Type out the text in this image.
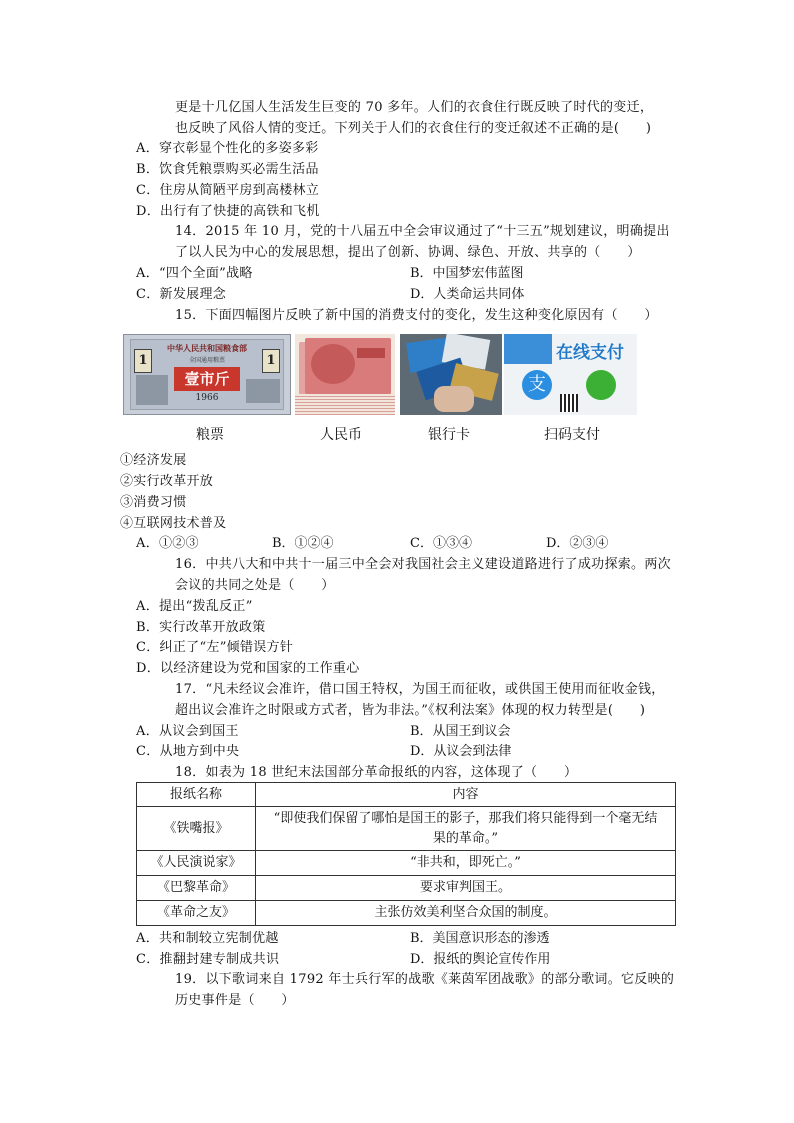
更是十几亿国人生活发生巨变的 70 多年。人们的衣食住行既反映了时代的变迁，
也反映了风俗人情的变迁。下列关于人们的衣食住行的变迁叙述不正确的是(　　)
A．穿衣彰显个性化的多姿多彩
B．饮食凭粮票购买必需生活品
C．住房从简陋平房到高楼林立
D．出行有了快捷的高铁和飞机
14．2015 年 10 月，党的十八届五中全会审议通过了“十三五”规划建议，明确提出
了以人民为中心的发展思想，提出了创新、协调、绿色、开放、共享的（　　）
A．“四个全面”战略	B．中国梦宏伟蓝图
C．新发展理念	D．人类命运共同体
15．下面四幅图片反映了新中国的消费支付的变化，发生这种变化原因有（　　）
中华人民共和国粮食部
全国通用粮票
1	1
壹市斤
1966
在线支付
支
粮票	人民币	银行卡	扫码支付
①经济发展
②实行改革开放
③消费习惯
④互联网技术普及
A．①②③	B．①②④	C．①③④	D．②③④
16．中共八大和中共十一届三中全会对我国社会主义建设道路进行了成功探索。两次
会议的共同之处是（　　）
A．提出“拨乱反正”
B．实行改革开放政策
C．纠正了“左”倾错误方针
D．以经济建设为党和国家的工作重心
17．“凡未经议会准许，借口国王特权，为国王而征收，或供国王使用而征收金钱，
超出议会准许之时限或方式者，皆为非法。”《权利法案》体现的权力转型是(　　)
A．从议会到国王	B．从国王到议会
C．从地方到中央	D．从议会到法律
18．如表为 18 世纪末法国部分革命报纸的内容，这体现了（　　）
报纸名称	内容
《铁嘴报》	“即使我们保留了哪怕是国王的影子，那我们将只能得到一个毫无结
果的革命。”

《人民演说家》	“非共和，即死亡。”
《巴黎革命》	要求审判国王。
《革命之友》	主张仿效美利坚合众国的制度。
A．共和制较立宪制优越	B．美国意识形态的渗透
C．推翻封建专制成共识	D．报纸的舆论宣传作用
19．以下歌词来自 1792 年士兵行军的战歌《莱茵军团战歌》的部分歌词。它反映的
历史事件是（　　）
